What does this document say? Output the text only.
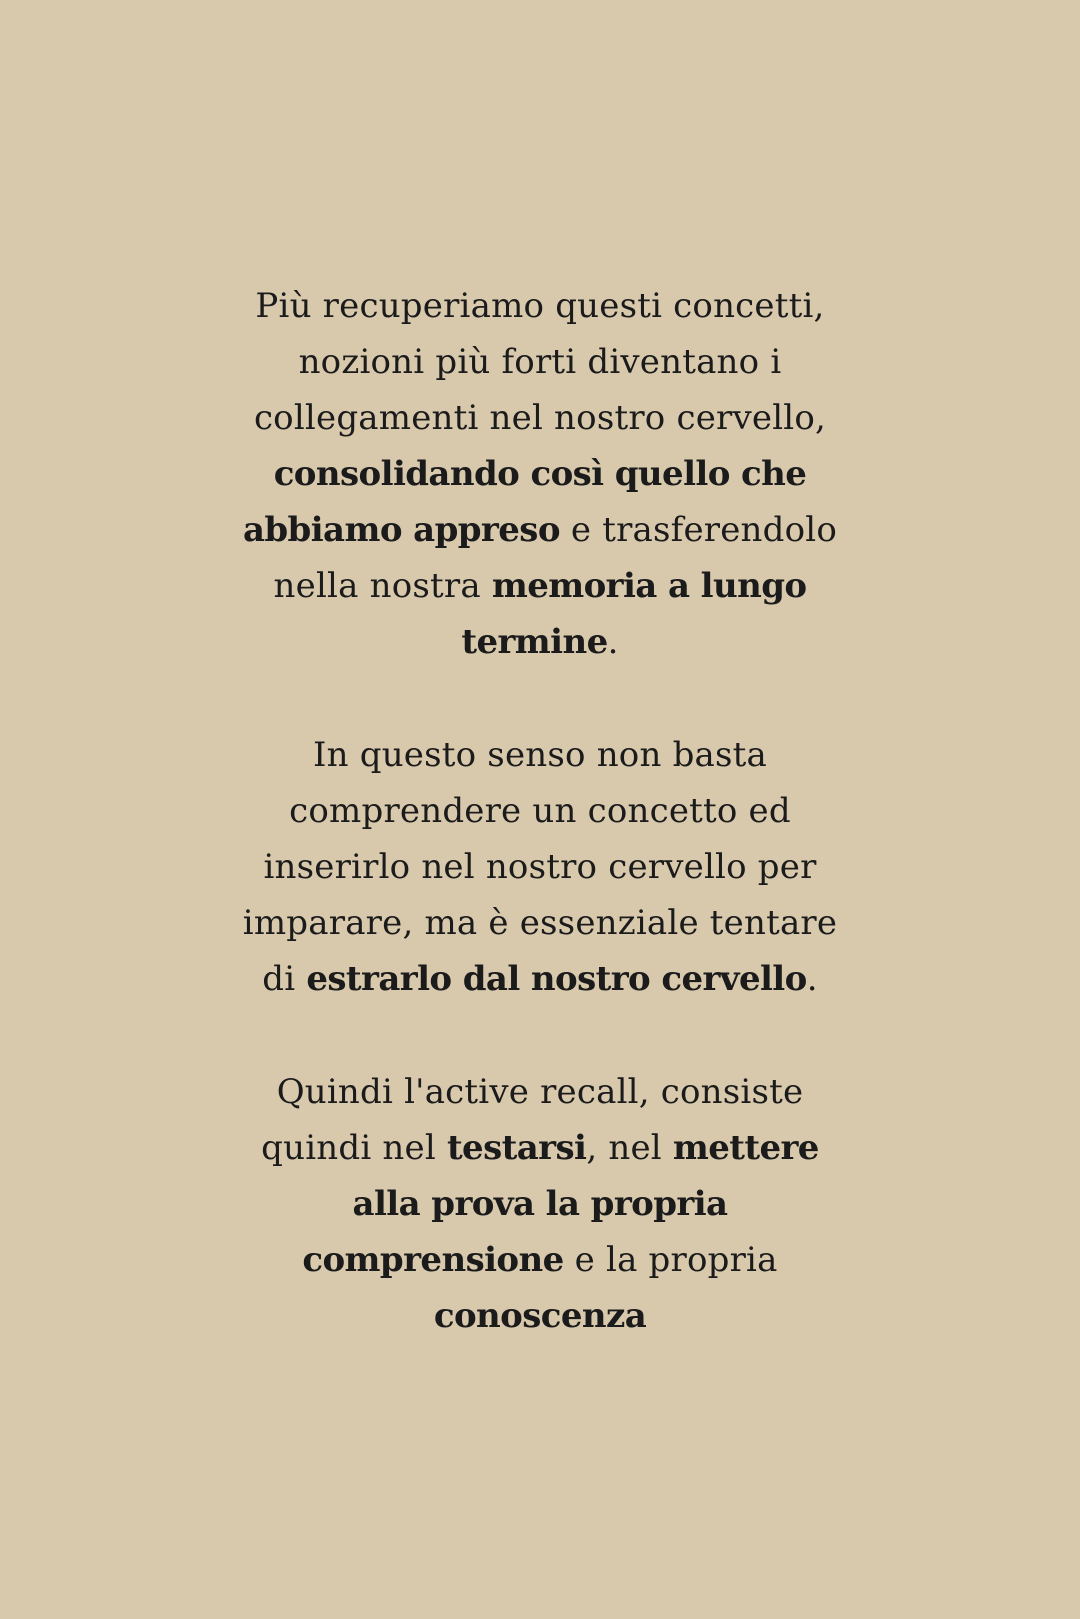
Più recuperiamo questi concetti,
nozioni più forti diventano i
collegamenti nel nostro cervello,
consolidando così quello che
abbiamo appreso e trasferendolo
nella nostra memoria a lungo
termine.
In questo senso non basta
comprendere un concetto ed
inserirlo nel nostro cervello per
imparare, ma è essenziale tentare
di estrarlo dal nostro cervello.
Quindi l'active recall, consiste
quindi nel testarsi, nel mettere
alla prova la propria
comprensione e la propria
conoscenza
